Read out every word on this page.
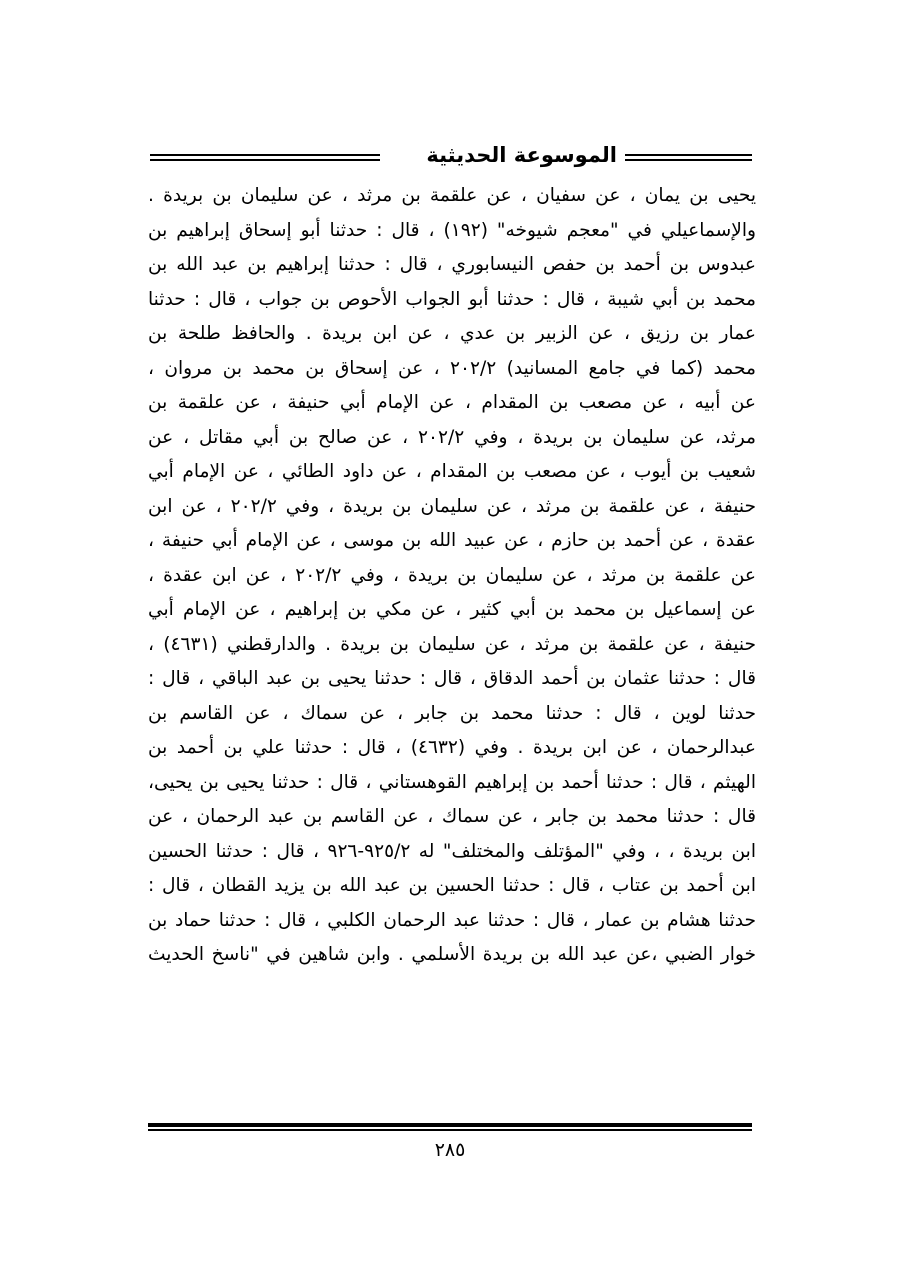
الموسوعة الحديثية
يحيى بن يمان ، عن سفيان ، عن علقمة بن مرثد ، عن سليمان بن بريدة .
والإسماعيلي في "معجم شيوخه" (١٩٢) ، قال : حدثنا أبو إسحاق إبراهيم بن
عبدوس بن أحمد بن حفص النيسابوري ، قال : حدثنا إبراهيم بن عبد الله بن
محمد بن أبي شيبة ، قال : حدثنا أبو الجواب الأحوص بن جواب ، قال : حدثنا
عمار بن رزيق ، عن الزبير بن عدي ، عن ابن بريدة . والحافظ طلحة بن
محمد (كما في جامع المسانيد) ٢٠٢/٢ ، عن إسحاق بن محمد بن مروان ،
عن أبيه ، عن مصعب بن المقدام ، عن الإمام أبي حنيفة ، عن علقمة بن
مرثد، عن سليمان بن بريدة ، وفي ٢٠٢/٢ ، عن صالح بن أبي مقاتل ، عن
شعيب بن أيوب ، عن مصعب بن المقدام ، عن داود الطائي ، عن الإمام أبي
حنيفة ، عن علقمة بن مرثد ، عن سليمان بن بريدة ، وفي ٢٠٢/٢ ، عن ابن
عقدة ، عن أحمد بن حازم ، عن عبيد الله بن موسى ، عن الإمام أبي حنيفة ،
عن علقمة بن مرثد ، عن سليمان بن بريدة ، وفي ٢٠٢/٢ ، عن ابن عقدة ،
عن إسماعيل بن محمد بن أبي كثير ، عن مكي بن إبراهيم ، عن الإمام أبي
حنيفة ، عن علقمة بن مرثد ، عن سليمان بن بريدة . والدارقطني (٤٦٣١) ،
قال : حدثنا عثمان بن أحمد الدقاق ، قال : حدثنا يحيى بن عبد الباقي ، قال :
حدثنا لوين ، قال : حدثنا محمد بن جابر ، عن سماك ، عن القاسم بن
عبدالرحمان ، عن ابن بريدة . وفي (٤٦٣٢) ، قال : حدثنا علي بن أحمد بن
الهيثم ، قال : حدثنا أحمد بن إبراهيم القوهستاني ، قال : حدثنا يحيى بن يحيى،
قال : حدثنا محمد بن جابر ، عن سماك ، عن القاسم بن عبد الرحمان ، عن
ابن بريدة ، ، وفي "المؤتلف والمختلف" له ٩٢٥/٢-٩٢٦ ، قال : حدثنا الحسين
ابن أحمد بن عتاب ، قال : حدثنا الحسين بن عبد الله بن يزيد القطان ، قال :
حدثنا هشام بن عمار ، قال : حدثنا عبد الرحمان الكلبي ، قال : حدثنا حماد بن
خوار الضبي ،عن عبد الله بن بريدة الأسلمي . وابن شاهين في "ناسخ الحديث
٢٨٥
